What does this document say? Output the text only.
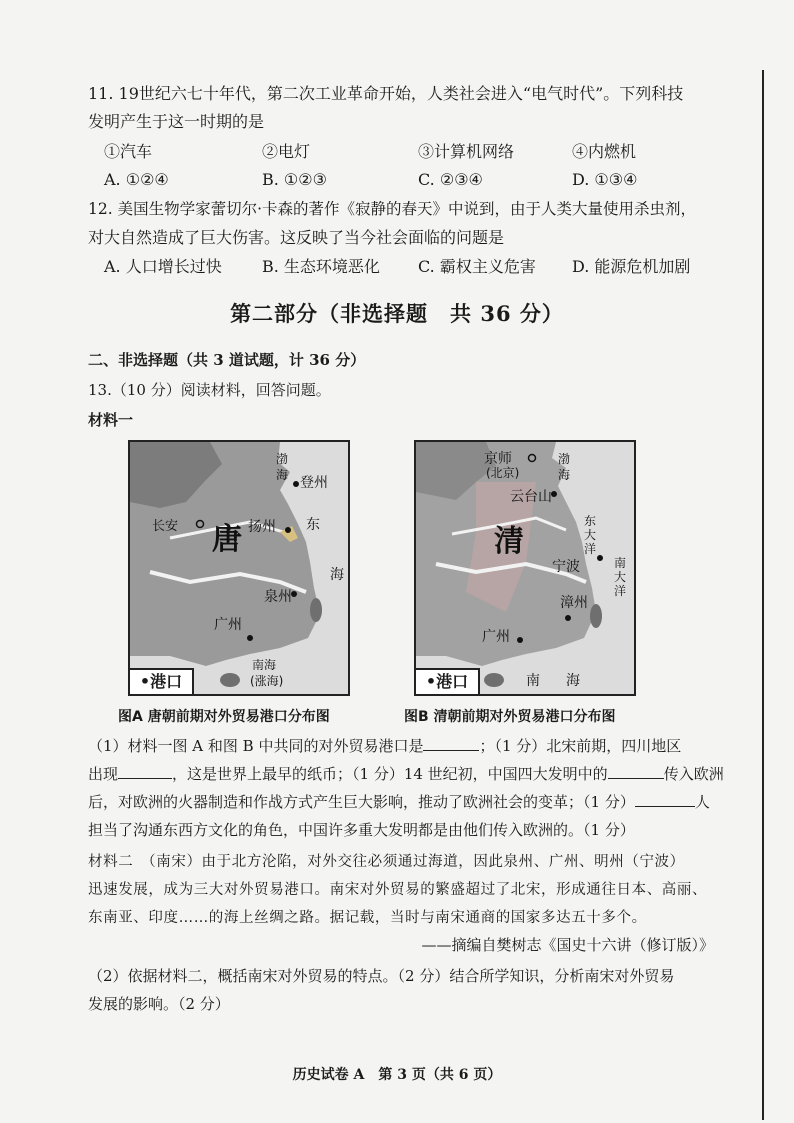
11. 19世纪六七十年代，第二次工业革命开始，人类社会进入“电气时代”。下列科技
发明产生于这一时期的是
①汽车	②电灯	③计算机网络	④内燃机
A. ①②④	B. ①②③	C. ②③④	D. ①③④
12. 美国生物学家蕾切尔·卡森的著作《寂静的春天》中说到，由于人类大量使用杀虫剂，
对大自然造成了巨大伤害。这反映了当今社会面临的问题是
A. 人口增长过快	B. 生态环境恶化 C. 霸权主义危害 D. 能源危机加剧
第二部分（非选择题　共 36 分）
二、非选择题（共 3 道试题，计 36 分）
13.（10 分）阅读材料，回答问题。
材料一
长安 唐
登州
扬州
泉州
广州
渤
海
东
海
南海
(涨海)
•港口
京师
(北京)
清
云台山
宁波
漳州
广州
渤
海
东大洋
南大洋
南 海
•港口
图A 唐朝前期对外贸易港口分布图	图B 清朝前期对外贸易港口分布图
（1）材料一图 A 和图 B 中共同的对外贸易港口是	；（1 分）北宋前期，四川地区
出现	，这是世界上最早的纸币；（1 分）14 世纪初，中国四大发明中的	传入欧洲
后，对欧洲的火器制造和作战方式产生巨大影响，推动了欧洲社会的变革；（1 分）	人
担当了沟通东西方文化的角色，中国许多重大发明都是由他们传入欧洲的。（1 分）
材料二　（南宋）由于北方沦陷，对外交往必须通过海道，因此泉州、广州、明州（宁波）
迅速发展，成为三大对外贸易港口。南宋对外贸易的繁盛超过了北宋，形成通往日本、高丽、
东南亚、印度……的海上丝绸之路。据记载，当时与南宋通商的国家多达五十多个。
——摘编自樊树志《国史十六讲（修订版）》
（2）依据材料二，概括南宋对外贸易的特点。（2 分）结合所学知识，分析南宋对外贸易
发展的影响。（2 分）
历史试卷 A　第 3 页（共 6 页）
